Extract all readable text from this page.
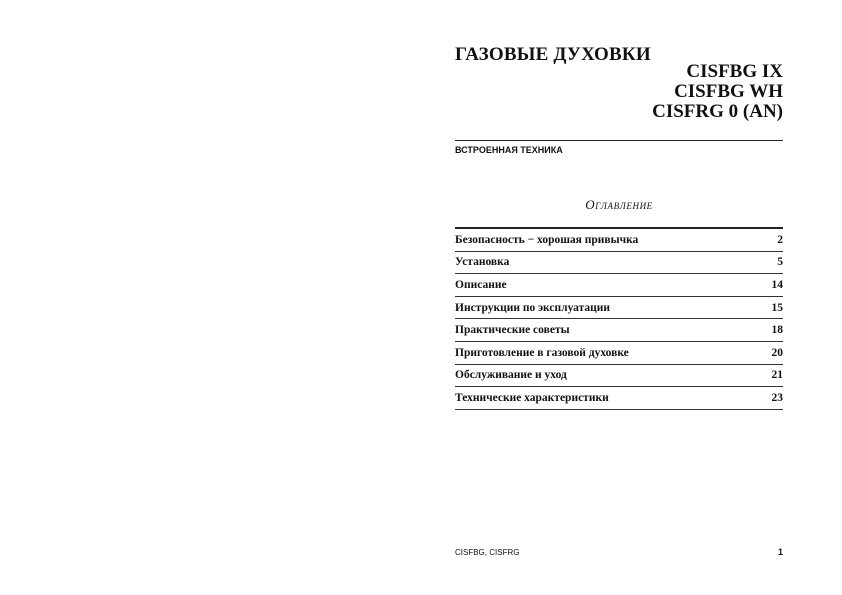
ГАЗОВЫЕ ДУХОВКИ
CISFBG IX
CISFBG WH
CISFRG 0 (AN)
ВСТРОЕННАЯ ТЕХНИКА
Оглавление
Безопасность − хорошая привычка	2
Установка	5
Описание	14
Инструкции по эксплуатации	15
Практические советы	18
Приготовление в газовой духовке	20
Обслуживание и уход	21
Технические характеристики	23
CISFBG, CISFRG	1
